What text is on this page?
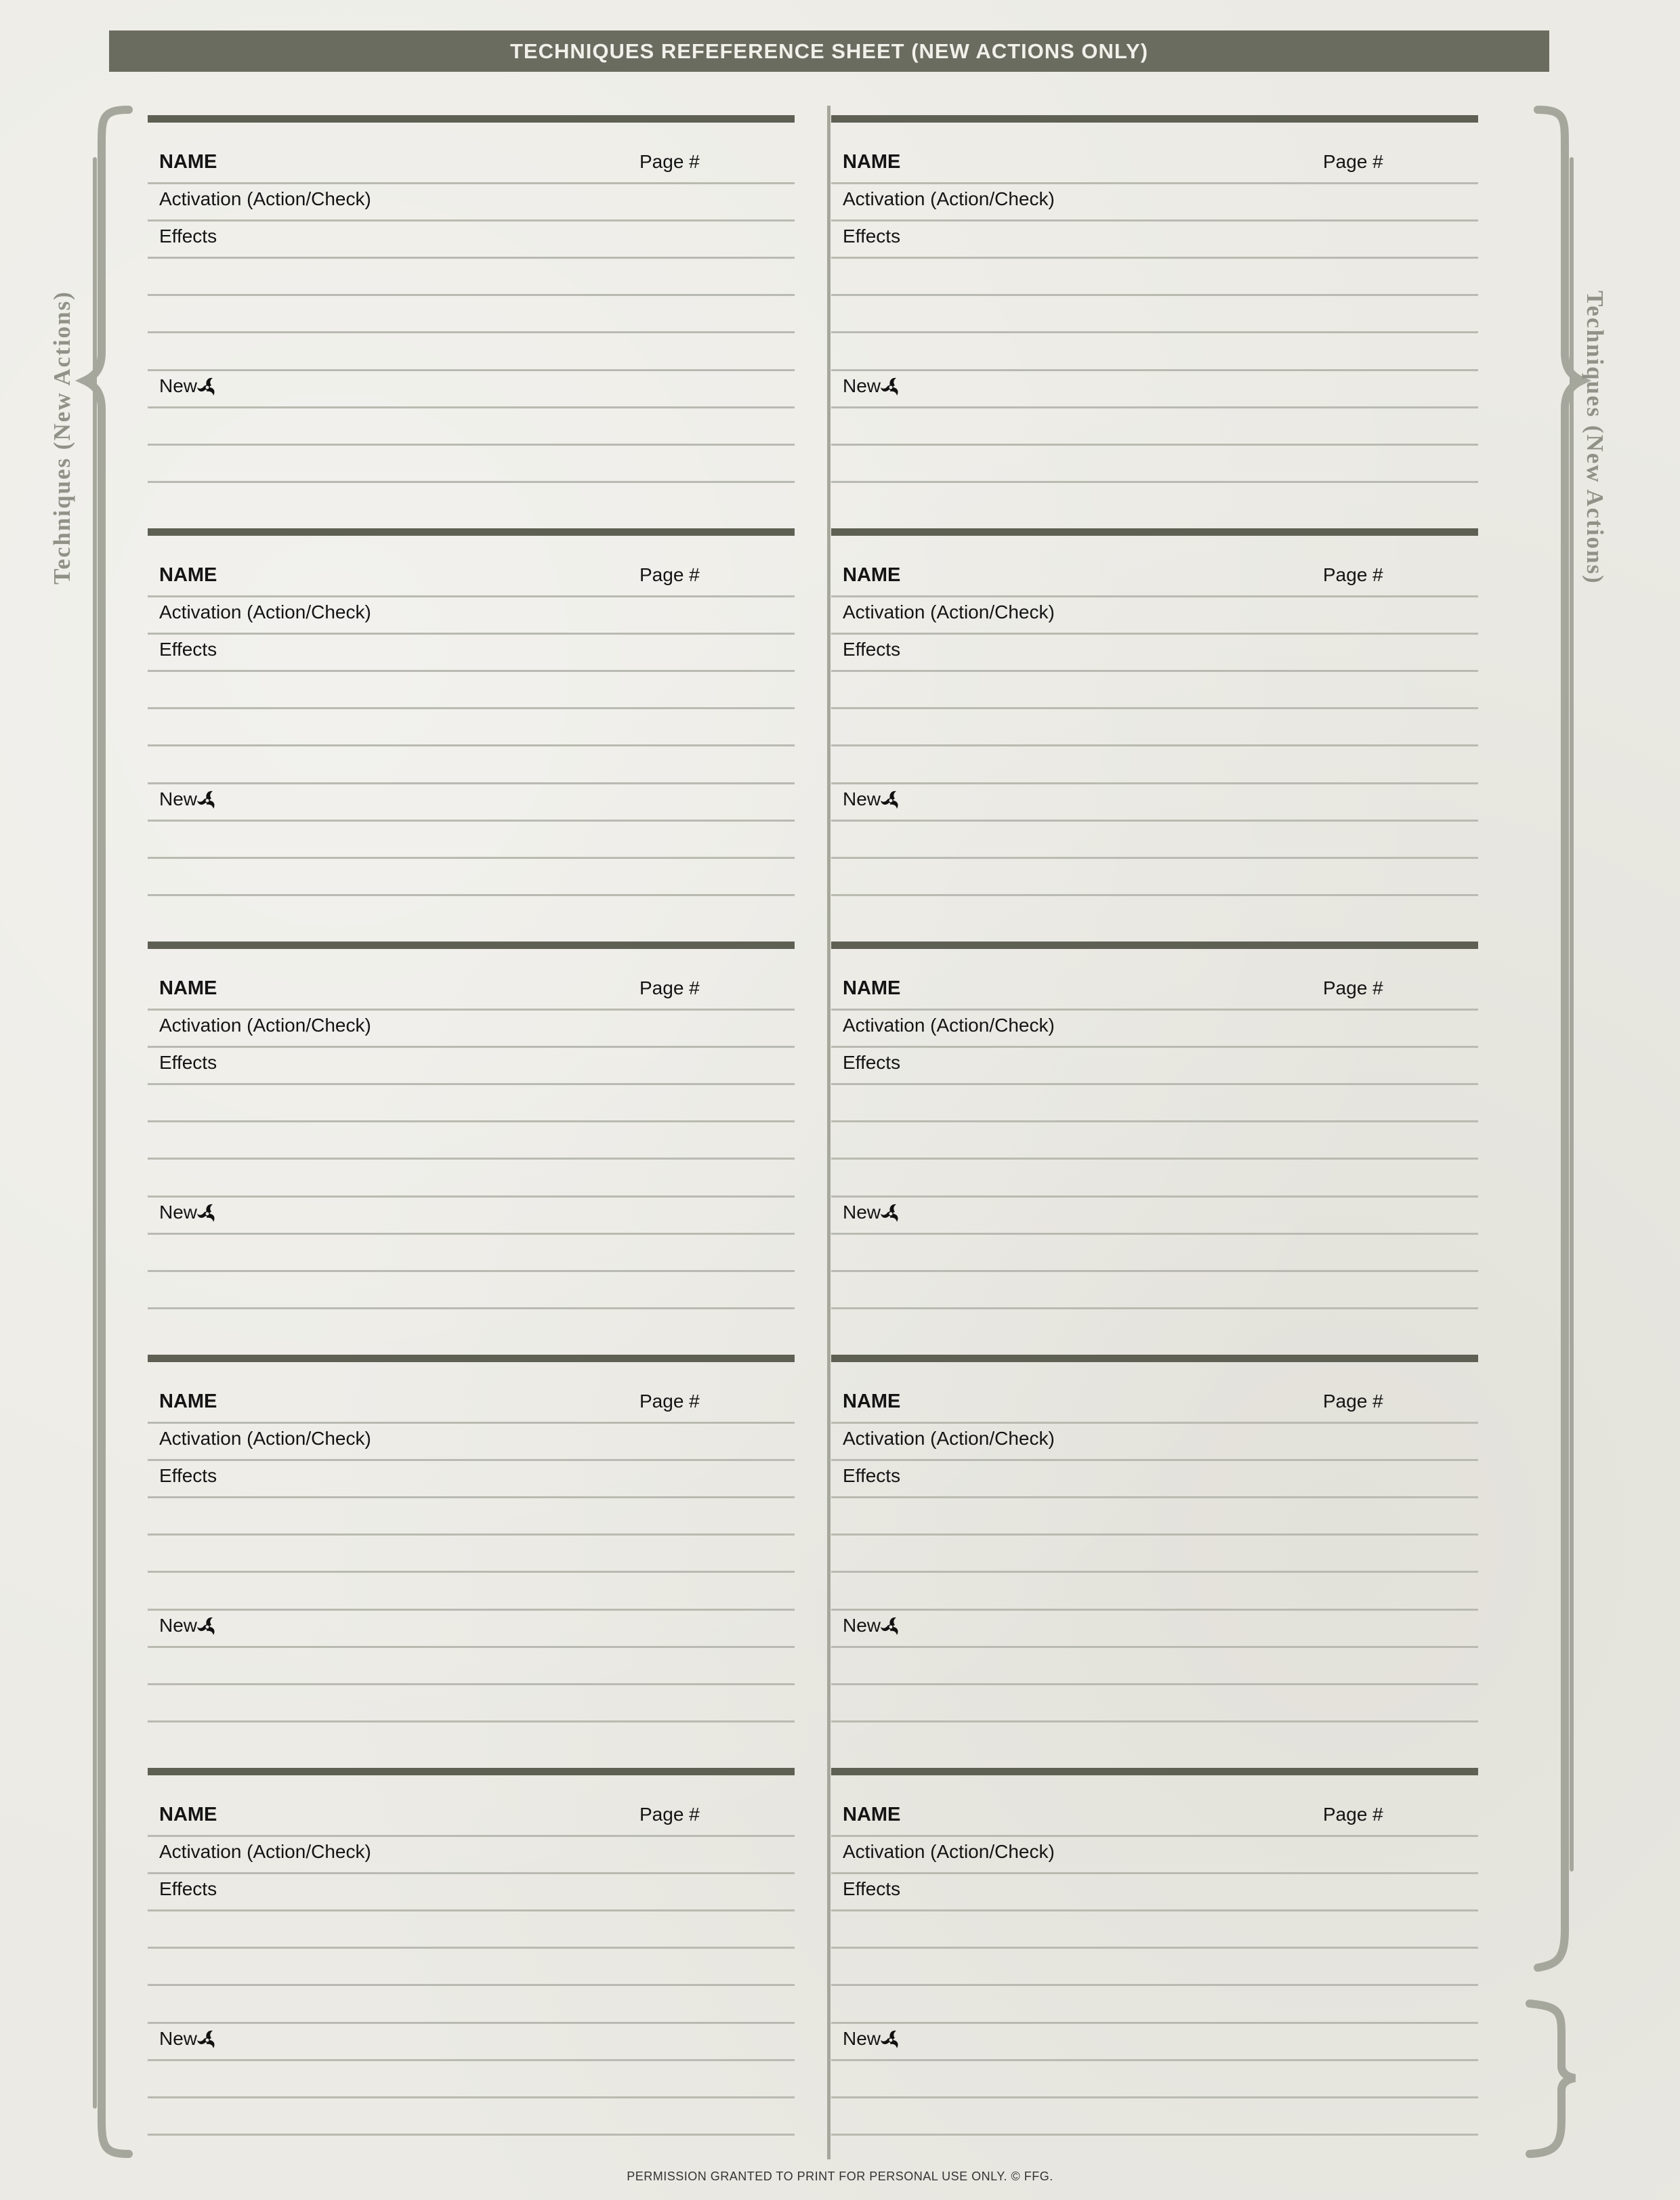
TECHNIQUES REFEFERENCE SHEET (NEW ACTIONS ONLY)
Techniques (New Actions)	Techniques (New Actions)
NAME	Page #
Activation (Action/Check)
Effects
New
NAME	Page #
Activation (Action/Check)
Effects
New
NAME	Page #
Activation (Action/Check)
Effects
New
NAME	Page #
Activation (Action/Check)
Effects
New
NAME	Page #
Activation (Action/Check)
Effects
New
NAME	Page #
Activation (Action/Check)
Effects
New
NAME	Page #
Activation (Action/Check)
Effects
New
NAME	Page #
Activation (Action/Check)
Effects
New
NAME	Page #
Activation (Action/Check)
Effects
New
NAME	Page #
Activation (Action/Check)
Effects
New
PERMISSION GRANTED TO PRINT FOR PERSONAL USE ONLY. © FFG.
